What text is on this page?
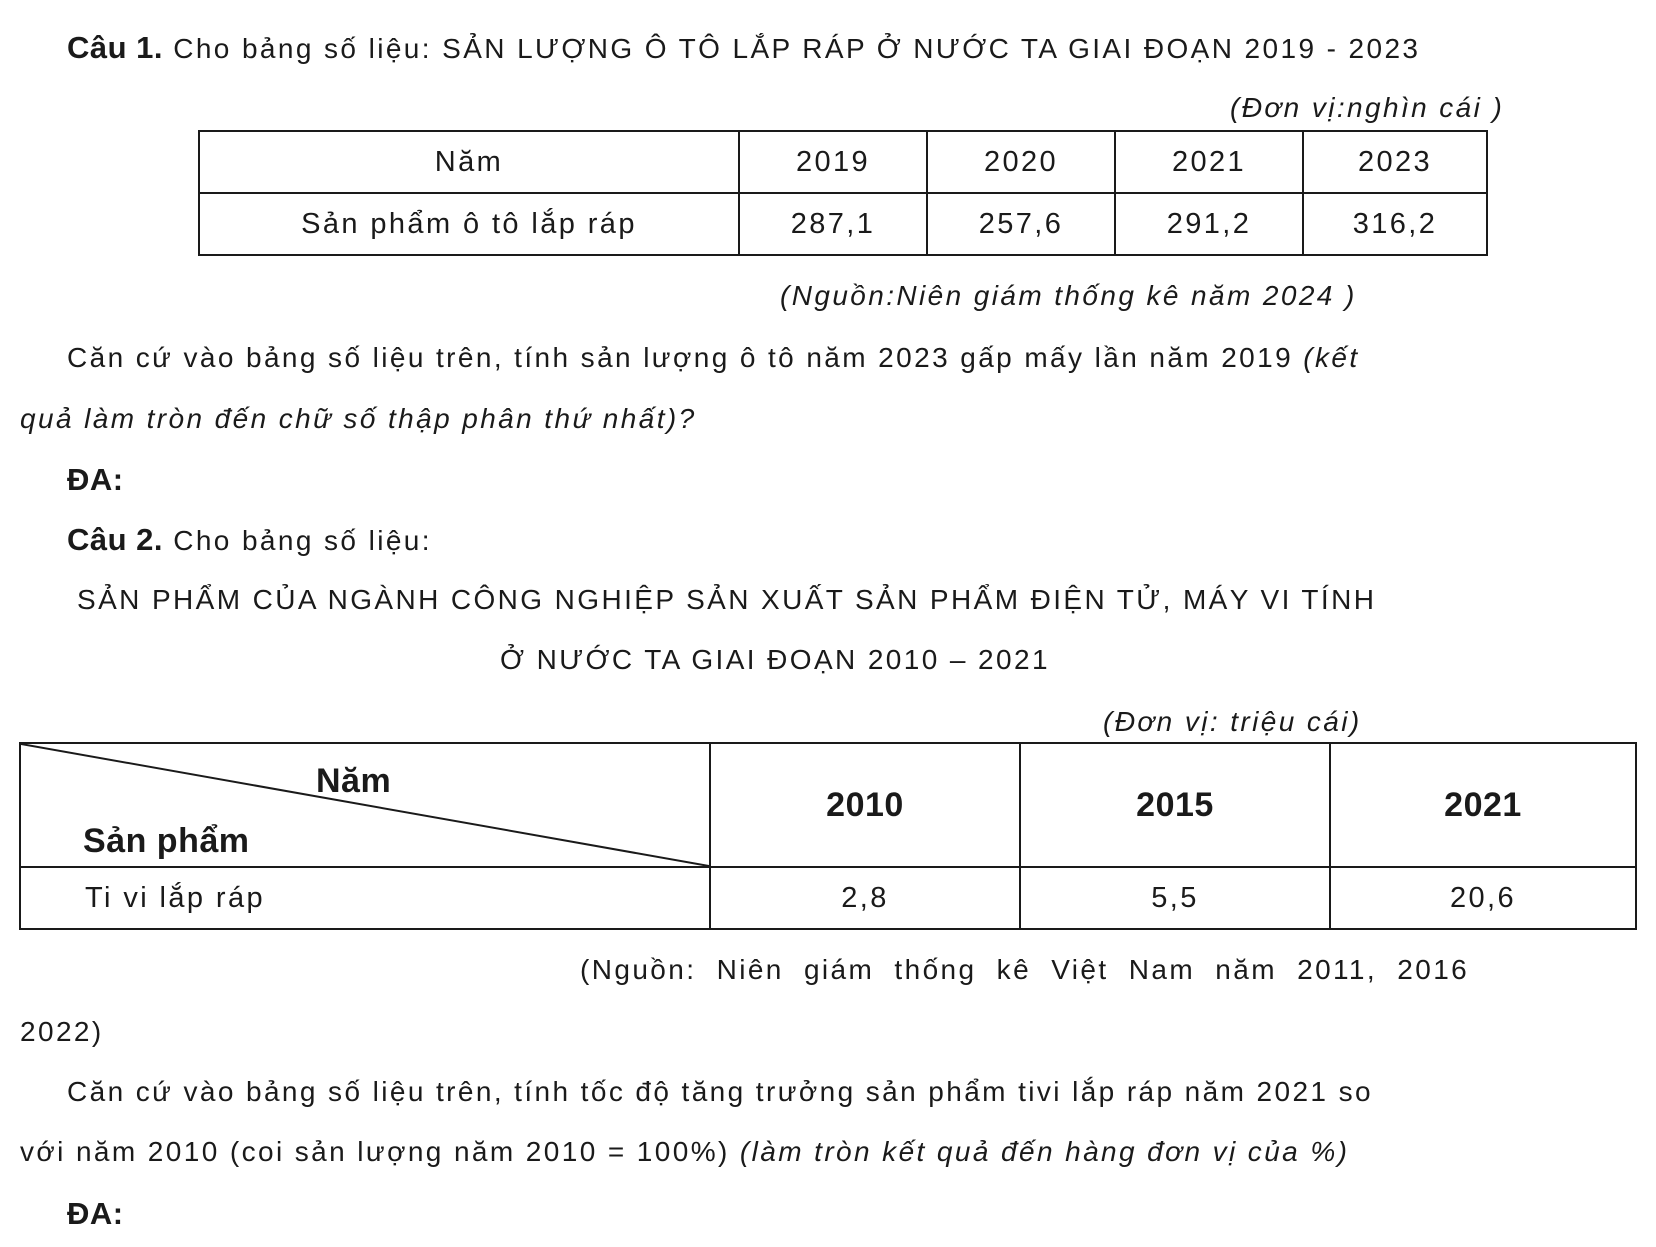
Câu 1. Cho bảng số liệu: SẢN LƯỢNG Ô TÔ LẮP RÁP Ở NƯỚC TA GIAI ĐOẠN 2019 - 2023
(Đơn vị:nghìn cái )
Năm	2019	2020	2021	2023
Sản phẩm ô tô lắp ráp	287,1	257,6	291,2	316,2
(Nguồn:Niên giám thống kê năm 2024 )
Căn cứ vào bảng số liệu trên, tính sản lượng ô tô năm 2023 gấp mấy lần năm 2019 (kết
quả làm tròn đến chữ số thập phân thứ nhất)?
ĐA:
Câu 2. Cho bảng số liệu:
SẢN PHẨM CỦA NGÀNH CÔNG NGHIỆP SẢN XUẤT SẢN PHẨM ĐIỆN TỬ, MÁY VI TÍNH
Ở NƯỚC TA GIAI ĐOẠN 2010 – 2021
(Đơn vị: triệu cái)
Năm
Sản phẩm	2010	2015	2021
Ti vi lắp ráp	2,8	5,5	20,6
(Nguồn: Niên giám thống kê Việt Nam năm 2011, 2016
2022)
Căn cứ vào bảng số liệu trên, tính tốc độ tăng trưởng sản phẩm tivi lắp ráp năm 2021 so
với năm 2010 (coi sản lượng năm 2010 = 100%) (làm tròn kết quả đến hàng đơn vị của %)
ĐA:
